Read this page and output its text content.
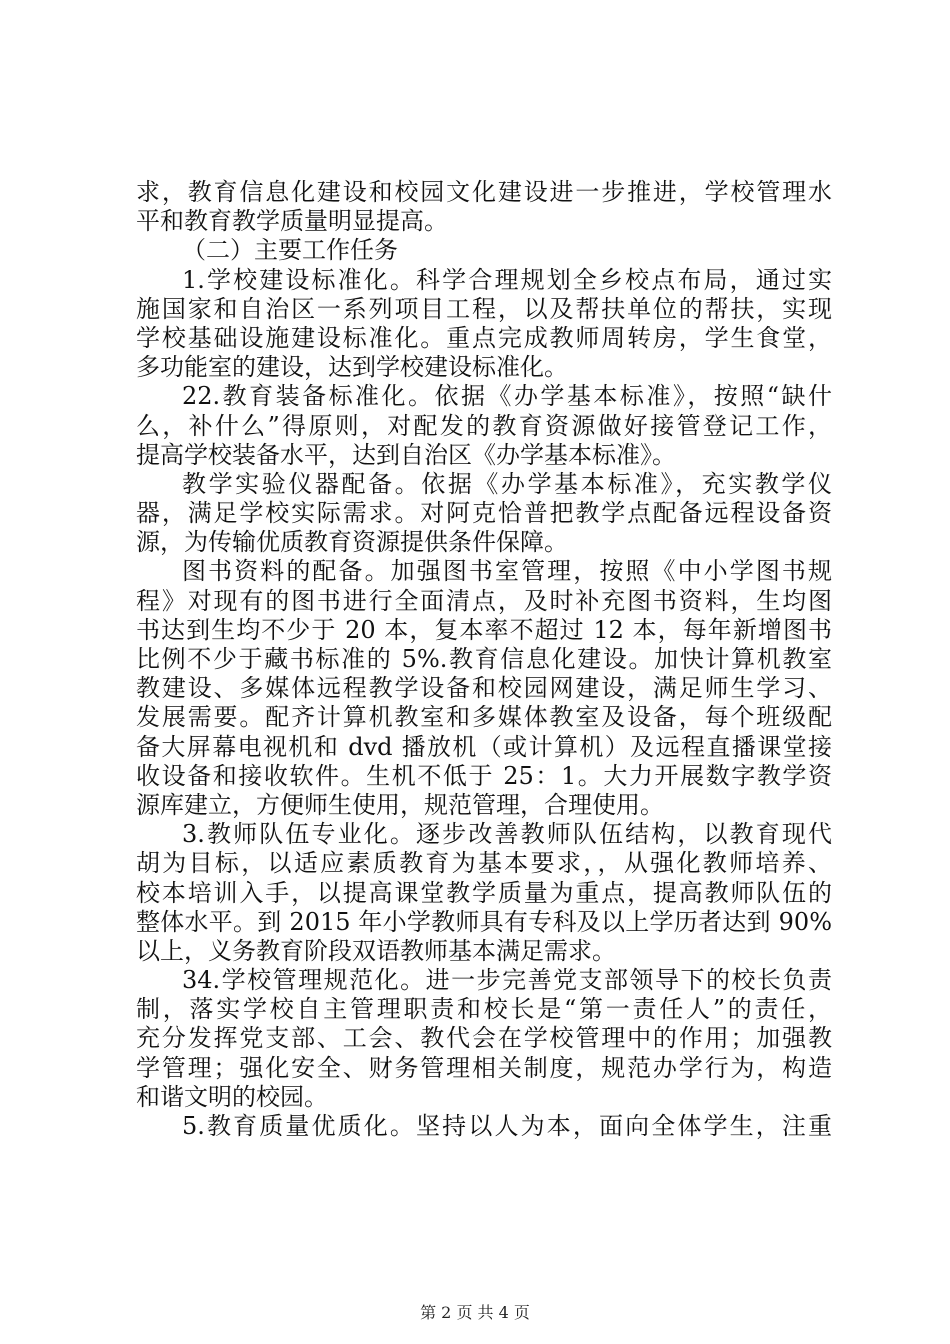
求，教育信息化建设和校园文化建设进一步推进，学校管理水
平和教育教学质量明显提高。
（二）主要工作任务
1.学校建设标准化。科学合理规划全乡校点布局，通过实
施国家和自治区一系列项目工程，以及帮扶单位的帮扶，实现
学校基础设施建设标准化。重点完成教师周转房，学生食堂，
多功能室的建设，达到学校建设标准化。
22.教育装备标准化。依据《办学基本标准》，按照“缺什
么，补什么”得原则，对配发的教育资源做好接管登记工作，
提高学校装备水平，达到自治区《办学基本标准》。
教学实验仪器配备。依据《办学基本标准》，充实教学仪
器，满足学校实际需求。对阿克恰普把教学点配备远程设备资
源，为传输优质教育资源提供条件保障。
图书资料的配备。加强图书室管理，按照《中小学图书规
程》对现有的图书进行全面清点，及时补充图书资料，生均图
书达到生均不少于 20 本，复本率不超过 12 本，每年新增图书
比例不少于藏书标准的 5%.教育信息化建设。加快计算机教室
教建设、多媒体远程教学设备和校园网建设，满足师生学习、
发展需要。配齐计算机教室和多媒体教室及设备，每个班级配
备大屏幕电视机和 dvd 播放机（或计算机）及远程直播课堂接
收设备和接收软件。生机不低于 25：1。大力开展数字教学资
源库建立，方便师生使用，规范管理，合理使用。
3.教师队伍专业化。逐步改善教师队伍结构，以教育现代
胡为目标，以适应素质教育为基本要求，，从强化教师培养、
校本培训入手，以提高课堂教学质量为重点，提高教师队伍的
整体水平。到 2015 年小学教师具有专科及以上学历者达到 90%
以上，义务教育阶段双语教师基本满足需求。
34.学校管理规范化。进一步完善党支部领导下的校长负责
制，落实学校自主管理职责和校长是“第一责任人”的责任，
充分发挥党支部、工会、教代会在学校管理中的作用；加强教
学管理；强化安全、财务管理相关制度，规范办学行为，构造
和谐文明的校园。
5.教育质量优质化。坚持以人为本，面向全体学生，注重
第 2 页 共 4 页
